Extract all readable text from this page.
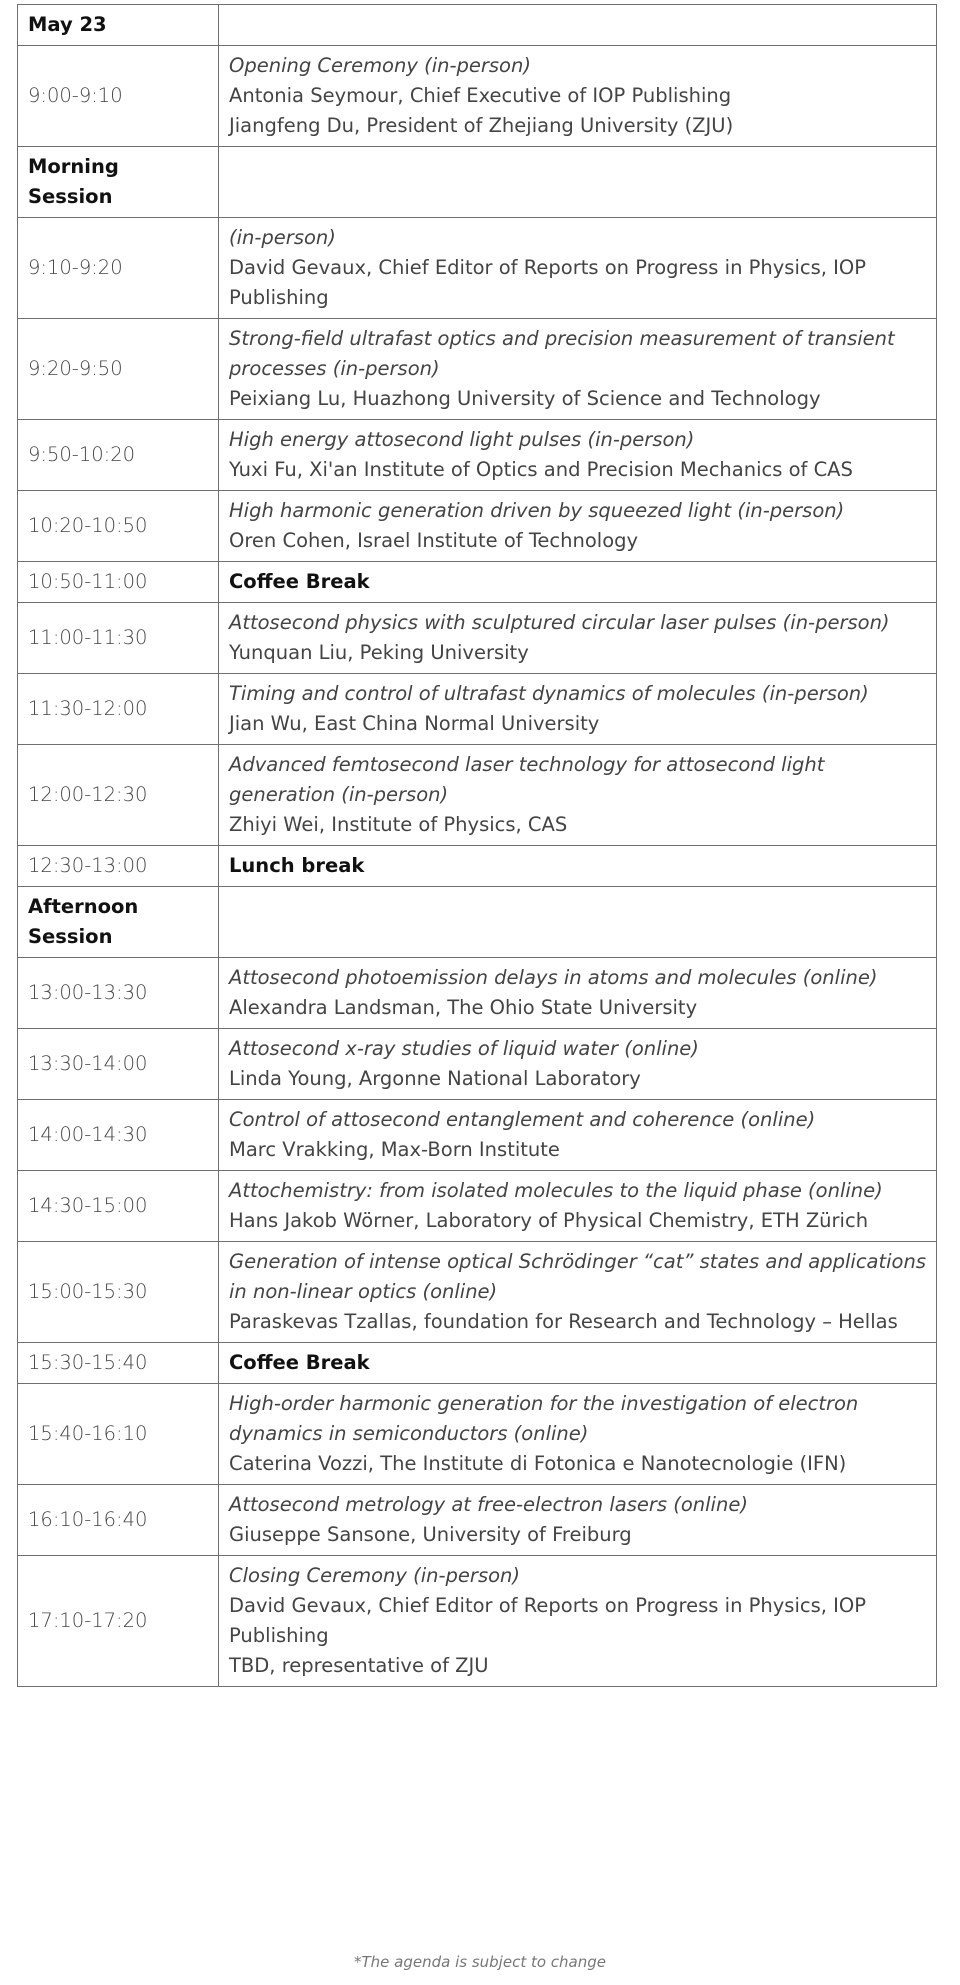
May 23	
9:00-9:10	Opening Ceremony (in-person)
Antonia Seymour, Chief Executive of IOP Publishing
Jiangfeng Du, President of Zhejiang University (ZJU)

Morning Session	
9:10-9:20	(in-person)
David Gevaux, Chief Editor of Reports on Progress in Physics, IOP Publishing

9:20-9:50	Strong-field ultrafast optics and precision measurement of transient processes (in-person)
Peixiang Lu, Huazhong University of Science and Technology

9:50-10:20	High energy attosecond light pulses (in-person)
Yuxi Fu, Xi'an Institute of Optics and Precision Mechanics of CAS

10:20-10:50	High harmonic generation driven by squeezed light (in-person)
Oren Cohen, Israel Institute of Technology

10:50-11:00	Coffee Break
11:00-11:30	Attosecond physics with sculptured circular laser pulses (in-person)
Yunquan Liu, Peking University

11:30-12:00	Timing and control of ultrafast dynamics of molecules (in-person)
Jian Wu, East China Normal University

12:00-12:30	Advanced femtosecond laser technology for attosecond light generation (in-person)
Zhiyi Wei, Institute of Physics, CAS

12:30-13:00	Lunch break
Afternoon Session	
13:00-13:30	Attosecond photoemission delays in atoms and molecules (online)
Alexandra Landsman, The Ohio State University

13:30-14:00	Attosecond x-ray studies of liquid water (online)
Linda Young, Argonne National Laboratory

14:00-14:30	Control of attosecond entanglement and coherence (online)
Marc Vrakking, Max-Born Institute

14:30-15:00	Attochemistry: from isolated molecules to the liquid phase (online)
Hans Jakob Wörner, Laboratory of Physical Chemistry, ETH Zürich

15:00-15:30	Generation of intense optical Schrödinger “cat” states and applications in non-linear optics (online)
Paraskevas Tzallas, foundation for Research and Technology – Hellas

15:30-15:40	Coffee Break
15:40-16:10	High-order harmonic generation for the investigation of electron dynamics in semiconductors (online)
Caterina Vozzi, The Institute di Fotonica e Nanotecnologie (IFN)

16:10-16:40	Attosecond metrology at free-electron lasers (online)
Giuseppe Sansone, University of Freiburg

17:10-17:20	Closing Ceremony (in-person)
David Gevaux, Chief Editor of Reports on Progress in Physics, IOP Publishing
TBD, representative of ZJU
*The agenda is subject to change
